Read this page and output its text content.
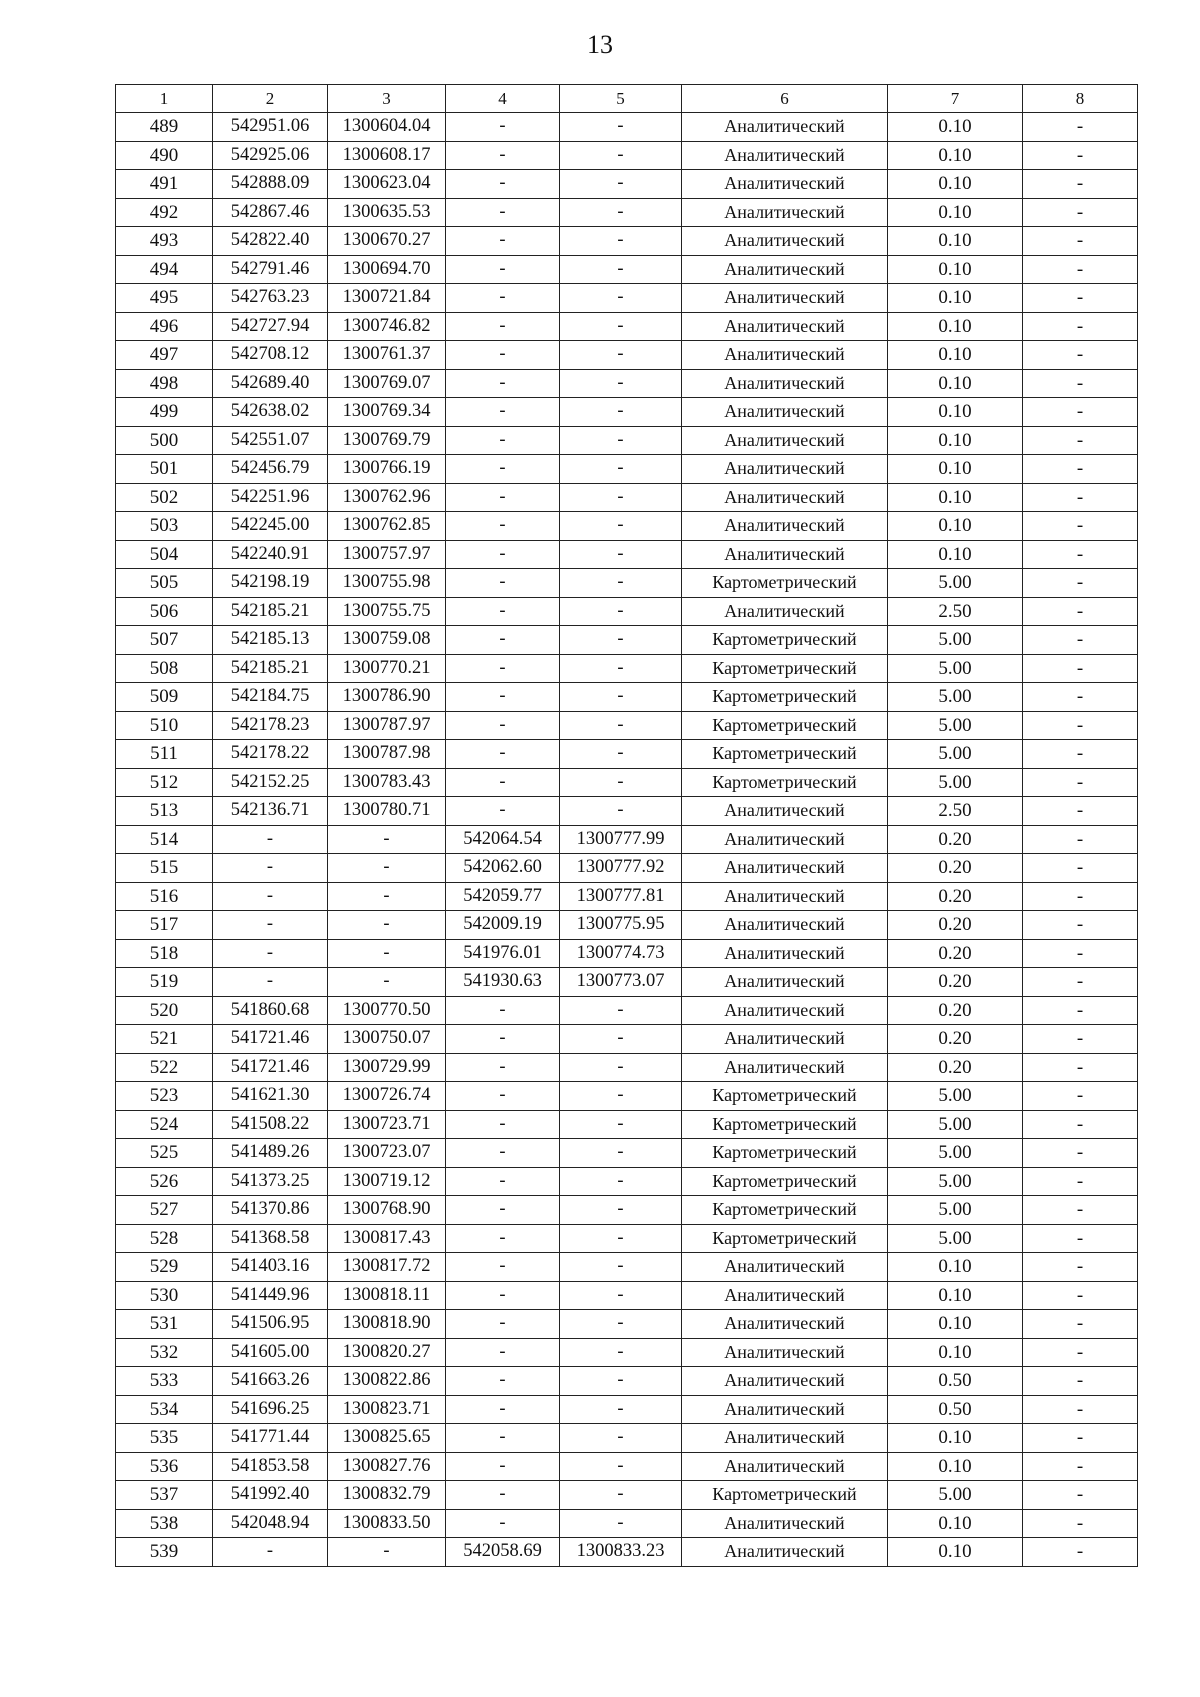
13
1	2	3	4	5	6	7	8
489	542951.06	1300604.04	-	-	Аналитический	0.10	-
490	542925.06	1300608.17	-	-	Аналитический	0.10	-
491	542888.09	1300623.04	-	-	Аналитический	0.10	-
492	542867.46	1300635.53	-	-	Аналитический	0.10	-
493	542822.40	1300670.27	-	-	Аналитический	0.10	-
494	542791.46	1300694.70	-	-	Аналитический	0.10	-
495	542763.23	1300721.84	-	-	Аналитический	0.10	-
496	542727.94	1300746.82	-	-	Аналитический	0.10	-
497	542708.12	1300761.37	-	-	Аналитический	0.10	-
498	542689.40	1300769.07	-	-	Аналитический	0.10	-
499	542638.02	1300769.34	-	-	Аналитический	0.10	-
500	542551.07	1300769.79	-	-	Аналитический	0.10	-
501	542456.79	1300766.19	-	-	Аналитический	0.10	-
502	542251.96	1300762.96	-	-	Аналитический	0.10	-
503	542245.00	1300762.85	-	-	Аналитический	0.10	-
504	542240.91	1300757.97	-	-	Аналитический	0.10	-
505	542198.19	1300755.98	-	-	Картометрический	5.00	-
506	542185.21	1300755.75	-	-	Аналитический	2.50	-
507	542185.13	1300759.08	-	-	Картометрический	5.00	-
508	542185.21	1300770.21	-	-	Картометрический	5.00	-
509	542184.75	1300786.90	-	-	Картометрический	5.00	-
510	542178.23	1300787.97	-	-	Картометрический	5.00	-
511	542178.22	1300787.98	-	-	Картометрический	5.00	-
512	542152.25	1300783.43	-	-	Картометрический	5.00	-
513	542136.71	1300780.71	-	-	Аналитический	2.50	-
514	-	-	542064.54	1300777.99	Аналитический	0.20	-
515	-	-	542062.60	1300777.92	Аналитический	0.20	-
516	-	-	542059.77	1300777.81	Аналитический	0.20	-
517	-	-	542009.19	1300775.95	Аналитический	0.20	-
518	-	-	541976.01	1300774.73	Аналитический	0.20	-
519	-	-	541930.63	1300773.07	Аналитический	0.20	-
520	541860.68	1300770.50	-	-	Аналитический	0.20	-
521	541721.46	1300750.07	-	-	Аналитический	0.20	-
522	541721.46	1300729.99	-	-	Аналитический	0.20	-
523	541621.30	1300726.74	-	-	Картометрический	5.00	-
524	541508.22	1300723.71	-	-	Картометрический	5.00	-
525	541489.26	1300723.07	-	-	Картометрический	5.00	-
526	541373.25	1300719.12	-	-	Картометрический	5.00	-
527	541370.86	1300768.90	-	-	Картометрический	5.00	-
528	541368.58	1300817.43	-	-	Картометрический	5.00	-
529	541403.16	1300817.72	-	-	Аналитический	0.10	-
530	541449.96	1300818.11	-	-	Аналитический	0.10	-
531	541506.95	1300818.90	-	-	Аналитический	0.10	-
532	541605.00	1300820.27	-	-	Аналитический	0.10	-
533	541663.26	1300822.86	-	-	Аналитический	0.50	-
534	541696.25	1300823.71	-	-	Аналитический	0.50	-
535	541771.44	1300825.65	-	-	Аналитический	0.10	-
536	541853.58	1300827.76	-	-	Аналитический	0.10	-
537	541992.40	1300832.79	-	-	Картометрический	5.00	-
538	542048.94	1300833.50	-	-	Аналитический	0.10	-
539	-	-	542058.69	1300833.23	Аналитический	0.10	-
